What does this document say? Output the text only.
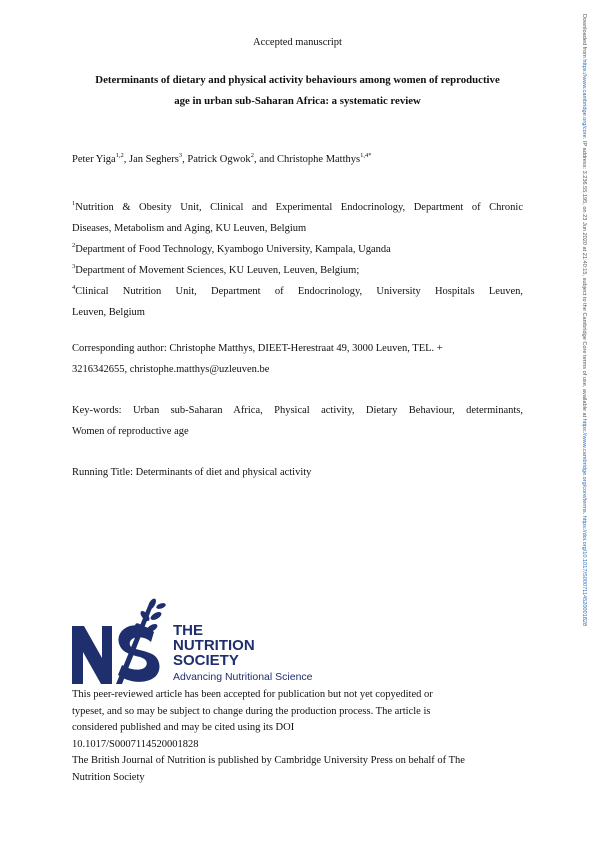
Accepted manuscript
Determinants of dietary and physical activity behaviours among women of reproductive
age in urban sub-Saharan Africa: a systematic review
Peter Yiga$^{1,2}$, Jan Seghers$^3$, Patrick Ogwok$^2$, and Christophe Matthys$^{1,4*}$
$^1$Nutrition & Obesity Unit, Clinical and Experimental Endocrinology, Department of Chronic
Diseases, Metabolism and Aging, KU Leuven, Belgium
$^2$Department of Food Technology, Kyambogo University, Kampala, Uganda
$^3$Department of Movement Sciences, KU Leuven, Leuven, Belgium;
$^4$Clinical Nutrition Unit, Department of Endocrinology, University Hospitals Leuven,
Leuven, Belgium
Corresponding author: Christophe Matthys, DIEET-Herestraat 49, 3000 Leuven, TEL. +
3216342655, christophe.matthys@uzleuven.be
Key-words: Urban sub-Saharan Africa, Physical activity, Dietary Behaviour, determinants,
Women of reproductive age
Running Title: Determinants of diet and physical activity
THE
NUTRITION
SOCIETY
Advancing Nutritional Science
This peer-reviewed article has been accepted for publication but not yet copyedited or
typeset, and so may be subject to change during the production process. The article is
considered published and may be cited using its DOI
10.1017/S0007114520001828
The British Journal of Nutrition is published by Cambridge University Press on behalf of The
Nutrition Society
Downloaded from https://www.cambridge.org/core. IP address: 3.236.55.195, on 23 Jun 2020 at 21:40:15, subject to the Cambridge Core terms of use, available at https://www.cambridge.org/core/terms. https://doi.org/10.1017/S0007114520001828
